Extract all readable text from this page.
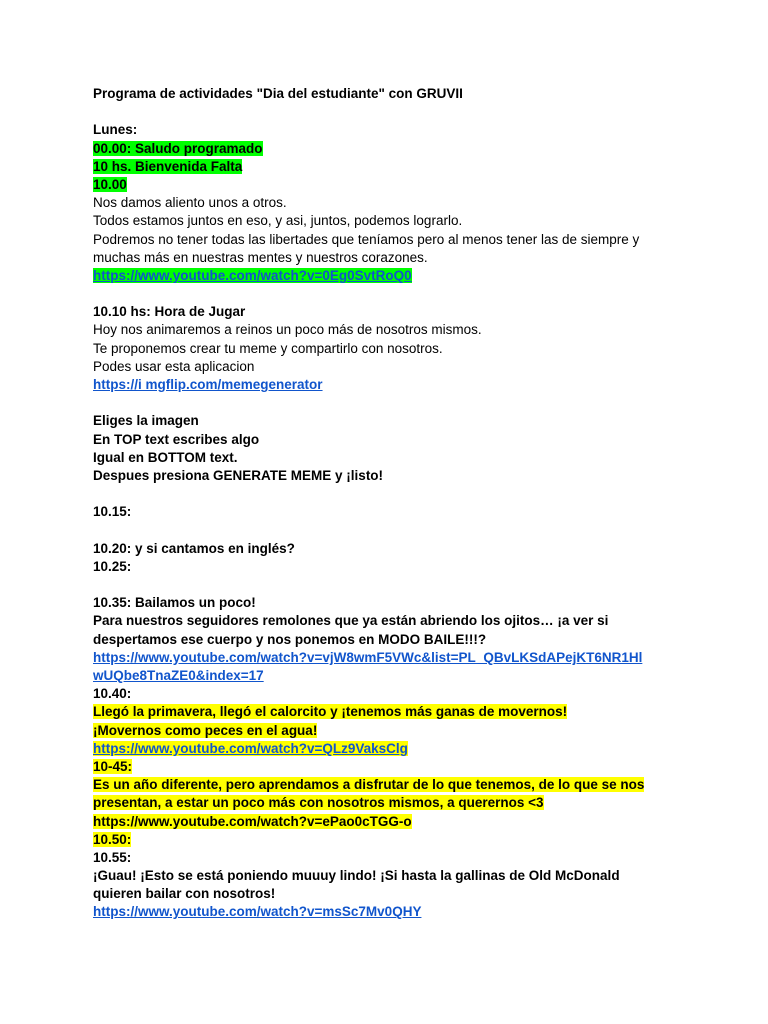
Programa de actividades "Dia del estudiante" con GRUVII
Lunes:
00.00: Saludo programado
10 hs. Bienvenida Falta
10.00
Nos damos aliento unos a otros.
Todos estamos juntos en eso, y asi, juntos, podemos lograrlo.
Podremos no tener todas las libertades que teníamos pero al menos tener las de siempre y
muchas más en nuestras mentes y nuestros corazones.
https://www.youtube.com/watch?v=0Eg0SvtRoQ0
10.10 hs: Hora de Jugar
Hoy nos animaremos a reinos un poco más de nosotros mismos.
Te proponemos crear tu meme y compartirlo con nosotros.
Podes usar esta aplicacion
https://i mgflip.com/memegenerator
Eliges la imagen
En TOP text escribes algo
Igual en BOTTOM text.
Despues presiona GENERATE MEME y ¡listo!
10.15:
10.20: y si cantamos en inglés?
10.25:
10.35: Bailamos un poco!
Para nuestros seguidores remolones que ya están abriendo los ojitos… ¡a ver si
despertamos ese cuerpo y nos ponemos en MODO BAILE!!!?
https://www.youtube.com/watch?v=vjW8wmF5VWc&list=PL_QBvLKSdAPejKT6NR1Hl
wUQbe8TnaZE0&index=17
10.40:
Llegó la primavera, llegó el calorcito y ¡tenemos más ganas de movernos!
¡Movernos como peces en el agua!
https://www.youtube.com/watch?v=QLz9VaksClg
10-45:
Es un año diferente, pero aprendamos a disfrutar de lo que tenemos, de lo que se nos
presentan, a estar un poco más con nosotros mismos, a querernos <3
https://www.youtube.com/watch?v=ePao0cTGG-o
10.50:
10.55:
¡Guau! ¡Esto se está poniendo muuuy lindo! ¡Si hasta la gallinas de Old McDonald
quieren bailar con nosotros!
https://www.youtube.com/watch?v=msSc7Mv0QHY
